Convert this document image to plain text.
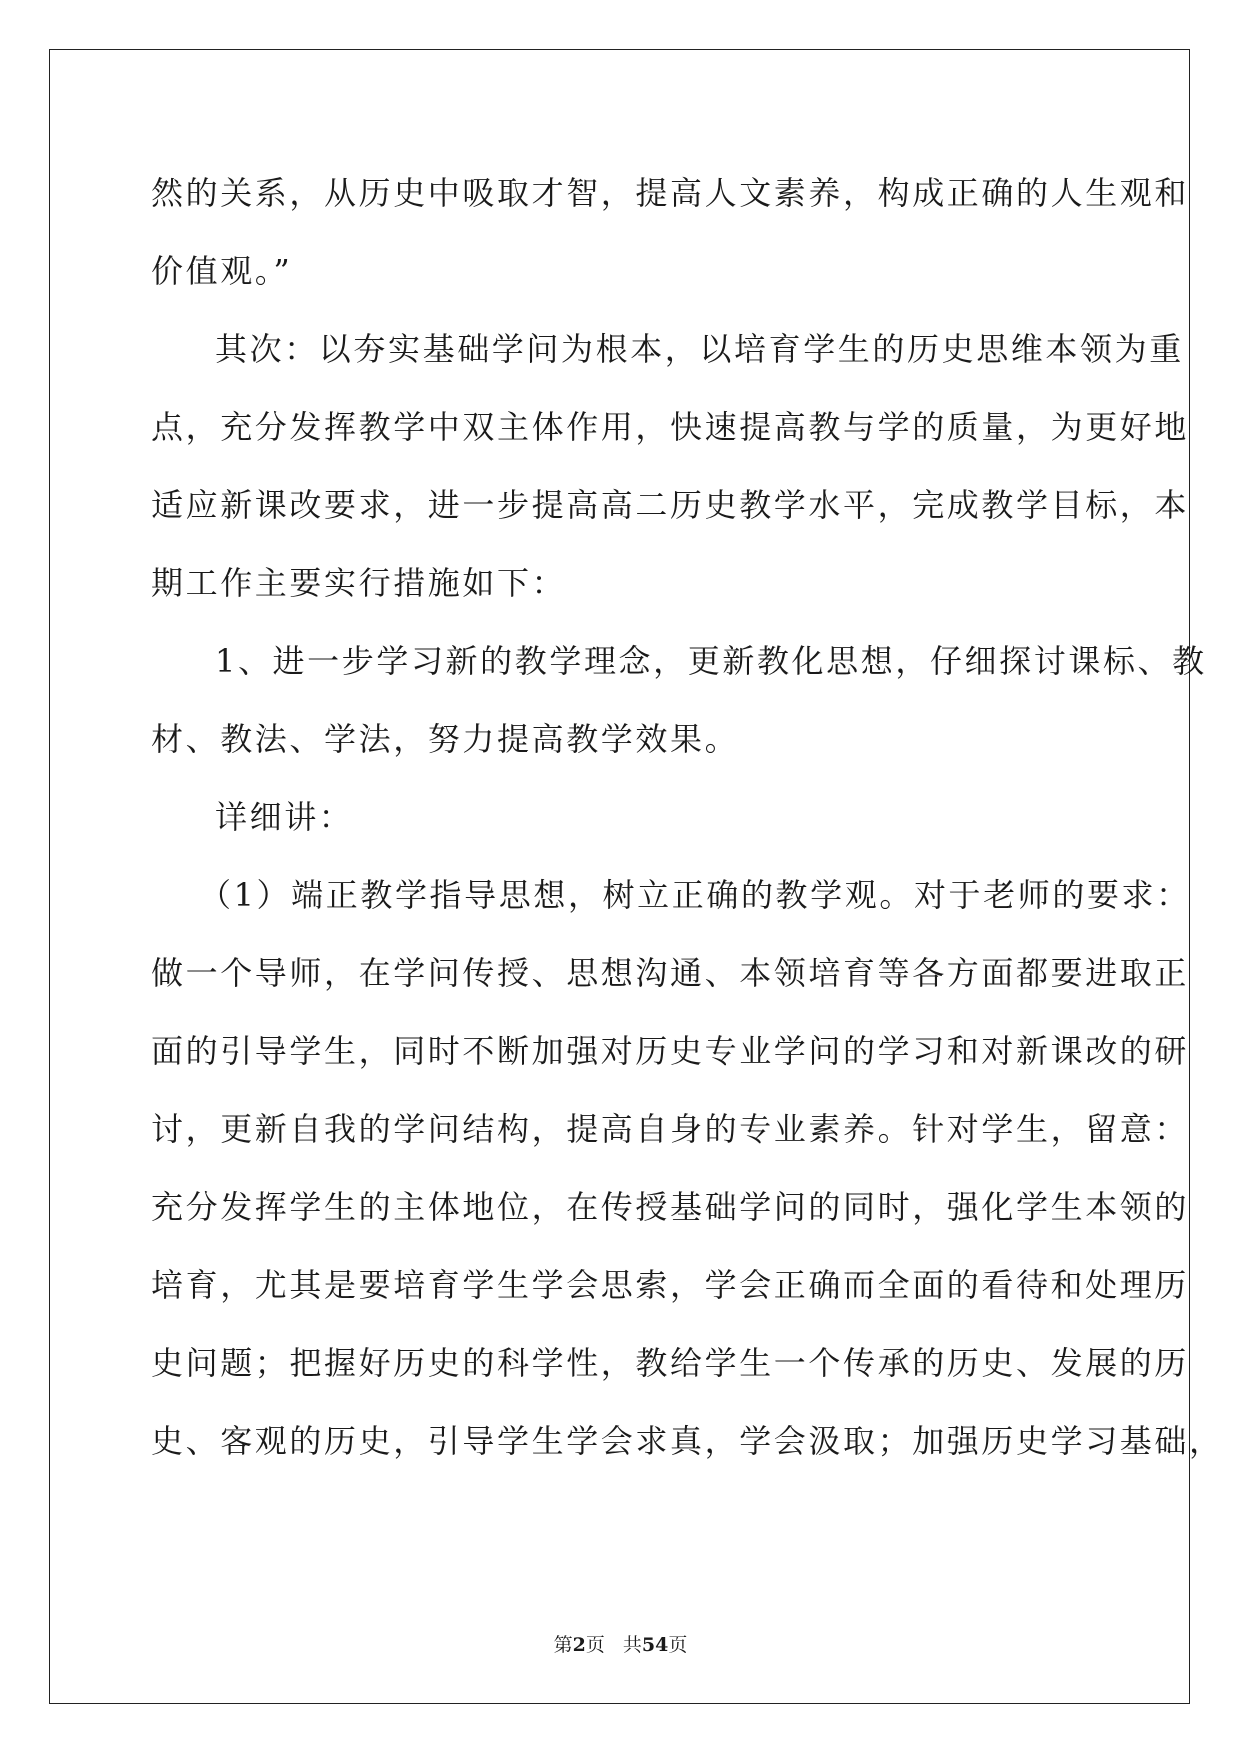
然的关系，从历史中吸取才智，提高人文素养，构成正确的人生观和
价值观。”
其次：以夯实基础学问为根本，以培育学生的历史思维本领为重
点，充分发挥教学中双主体作用，快速提高教与学的质量，为更好地
适应新课改要求，进一步提高高二历史教学水平，完成教学目标，本
期工作主要实行措施如下：
1、进一步学习新的教学理念，更新教化思想，仔细探讨课标、教
材、教法、学法，努力提高教学效果。
详细讲：
（1）端正教学指导思想，树立正确的教学观。对于老师的要求：
做一个导师，在学问传授、思想沟通、本领培育等各方面都要进取正
面的引导学生，同时不断加强对历史专业学问的学习和对新课改的研
讨，更新自我的学问结构，提高自身的专业素养。针对学生，留意：
充分发挥学生的主体地位，在传授基础学问的同时，强化学生本领的
培育，尤其是要培育学生学会思索，学会正确而全面的看待和处理历
史问题；把握好历史的科学性，教给学生一个传承的历史、发展的历
史、客观的历史，引导学生学会求真，学会汲取；加强历史学习基础，
第2页 共54页
